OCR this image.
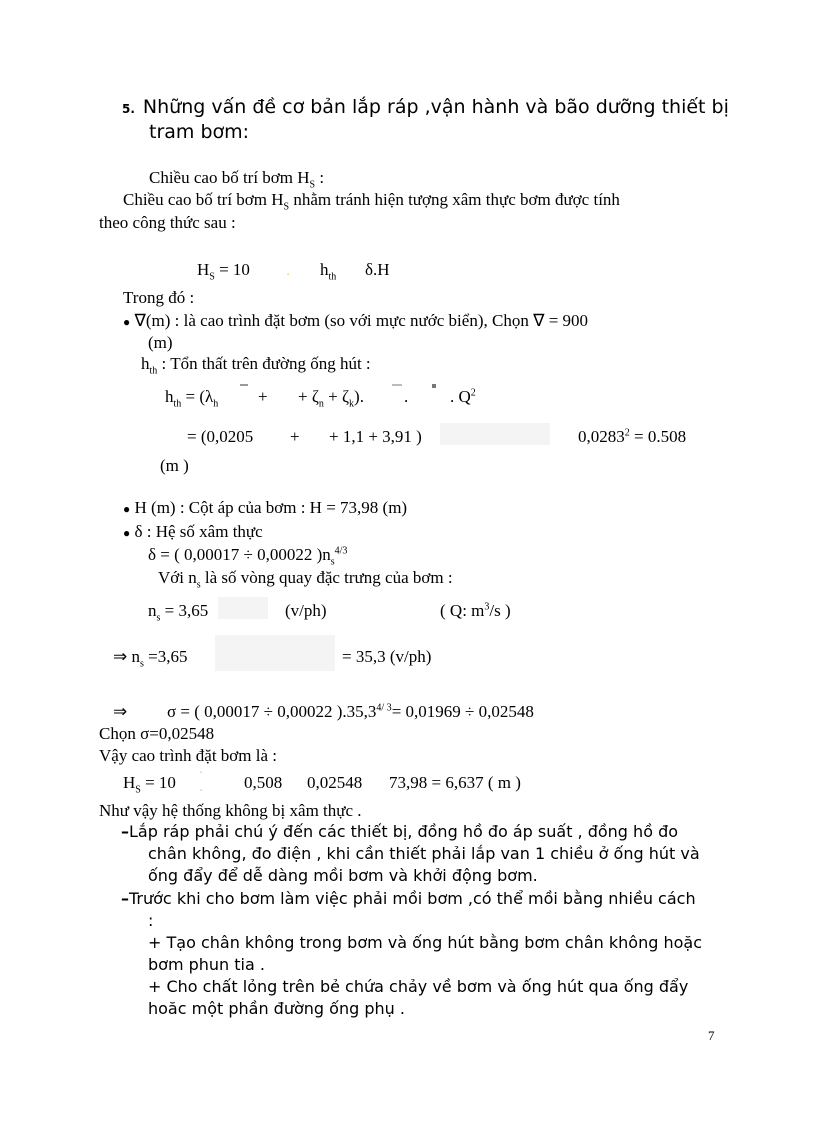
5. Những vấn đề cơ bản lắp ráp ,vận hành và bão dưỡng thiết bị
tram bơm:
Chiều cao bố trí bơm $H_S$ :
Chiều cao bố trí bơm $H_S$ nhằm tránh hiện tượng xâm thực bơm được tính
theo công thức sau :
$H_S = 10$	▪ $h_{th}$ δ.H
Trong đó :
● ∇(m) : là cao trình đặt bơm (so với mực nước biển), Chọn ∇ = 900
(m)
$h_{th}$ : Tổn thất trên đường ống hút :
$h_{th} = (\lambda_h$ + + $\zeta_n + \zeta_k$). . . $Q^2$
= (0,0205 + + 1,1 + 3,91 )	$0,0283^2 = 0.508$
(m )
● H (m) : Cột áp của bơm : H = 73,98 (m)
● δ : Hệ số xâm thực
δ = ( 0,00017 ÷ 0,00022 )$n_s^{4/3}$
Với $n_s$ là số vòng quay đặc trưng của bơm :
$n_s = 3,65$	(v/ph)	( Q: $m^3/s$ )
⇒ $n_s =3,65$	= 35,3 (v/ph)
⇒ σ = ( 0,00017 ÷ 0,00022 )$.35,3^{4/ 3}= 0,01969 \div 0,02548$
Chọn σ=0,02548
Vậy cao trình đặt bơm là :
$H_S = 10$	▪
▪ 0,508 0,02548 73,98 = 6,637 ( m )
Như vậy hệ thống không bị xâm thực .
–Lắp ráp phải chú ý đến các thiết bị, đồng hồ đo áp suất , đồng hồ đo
chân không, đo điện , khi cần thiết phải lắp van 1 chiều ở ống hút và
ống đẩy để dễ dàng mồi bơm và khởi động bơm.
–Trước khi cho bơm làm việc phải mồi bơm ,có thể mồi bằng nhiều cách
:
+ Tạo chân không trong bơm và ống hút bằng bơm chân không hoặc
bơm phun tia .
+ Cho chất lỏng trên bẻ chứa chảy về bơm và ống hút qua ống đẩy
hoăc một phần đường ống phụ .
7
